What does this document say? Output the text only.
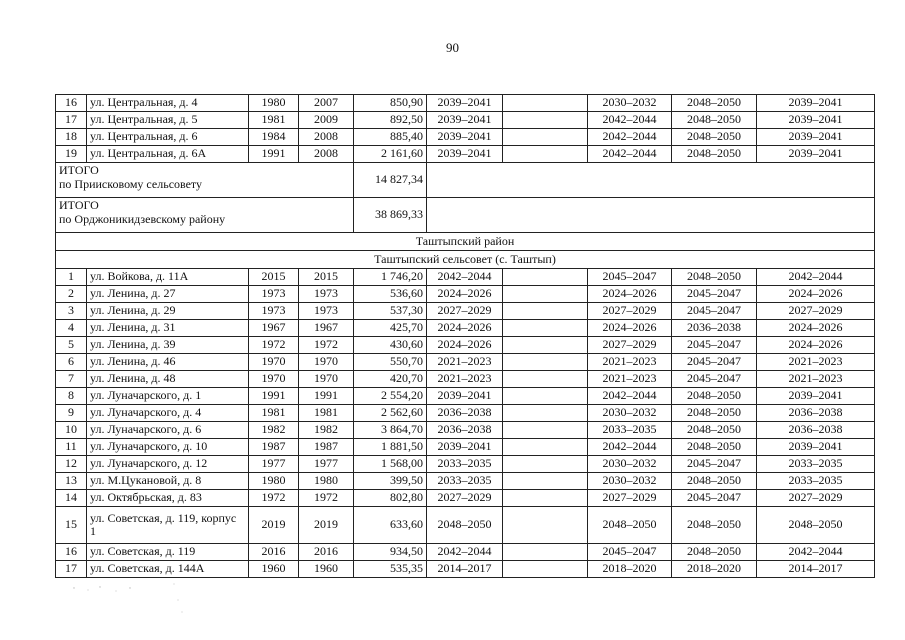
90
16	ул. Центральная, д. 4	1980	2007	850,90	2039–2041		2030–2032	2048–2050	2039–2041
17	ул. Центральная, д. 5	1981	2009	892,50	2039–2041		2042–2044	2048–2050	2039–2041
18	ул. Центральная, д. 6	1984	2008	885,40	2039–2041		2042–2044	2048–2050	2039–2041
19	ул. Центральная, д. 6А	1991	2008	2 161,60	2039–2041		2042–2044	2048–2050	2039–2041

ИТОГО
по Приисковому сельсовету				14 827,34					

ИТОГО
по Орджоникидзевскому району				38 869,33					
Таштыпский район									
Таштыпский сельсовет (с. Таштып)									
1	ул. Войкова, д. 11А	2015	2015	1 746,20	2042–2044		2045–2047	2048–2050	2042–2044
2	ул. Ленина, д. 27	1973	1973	536,60	2024–2026		2024–2026	2045–2047	2024–2026
3	ул. Ленина, д. 29	1973	1973	537,30	2027–2029		2027–2029	2045–2047	2027–2029
4	ул. Ленина, д. 31	1967	1967	425,70	2024–2026		2024–2026	2036–2038	2024–2026
5	ул. Ленина, д. 39	1972	1972	430,60	2024–2026		2027–2029	2045–2047	2024–2026
6	ул. Ленина, д. 46	1970	1970	550,70	2021–2023		2021–2023	2045–2047	2021–2023
7	ул. Ленина, д. 48	1970	1970	420,70	2021–2023		2021–2023	2045–2047	2021–2023
8	ул. Луначарского, д. 1	1991	1991	2 554,20	2039–2041		2042–2044	2048–2050	2039–2041
9	ул. Луначарского, д. 4	1981	1981	2 562,60	2036–2038		2030–2032	2048–2050	2036–2038
10	ул. Луначарского, д. 6	1982	1982	3 864,70	2036–2038		2033–2035	2048–2050	2036–2038
11	ул. Луначарского, д. 10	1987	1987	1 881,50	2039–2041		2042–2044	2048–2050	2039–2041
12	ул. Луначарского, д. 12	1977	1977	1 568,00	2033–2035		2030–2032	2045–2047	2033–2035
13	ул. М.Цукановой, д. 8	1980	1980	399,50	2033–2035		2030–2032	2048–2050	2033–2035
14	ул. Октябрьская, д. 83	1972	1972	802,80	2027–2029		2027–2029	2045–2047	2027–2029
15	ул. Советская, д. 119, корпус 1	2019	2019	633,60	2048–2050		2048–2050	2048–2050	2048–2050
16	ул. Советская, д. 119	2016	2016	934,50	2042–2044		2045–2047	2048–2050	2042–2044
17	ул. Советская, д. 144А	1960	1960	535,35	2014–2017		2018–2020	2018–2020	2014–2017
